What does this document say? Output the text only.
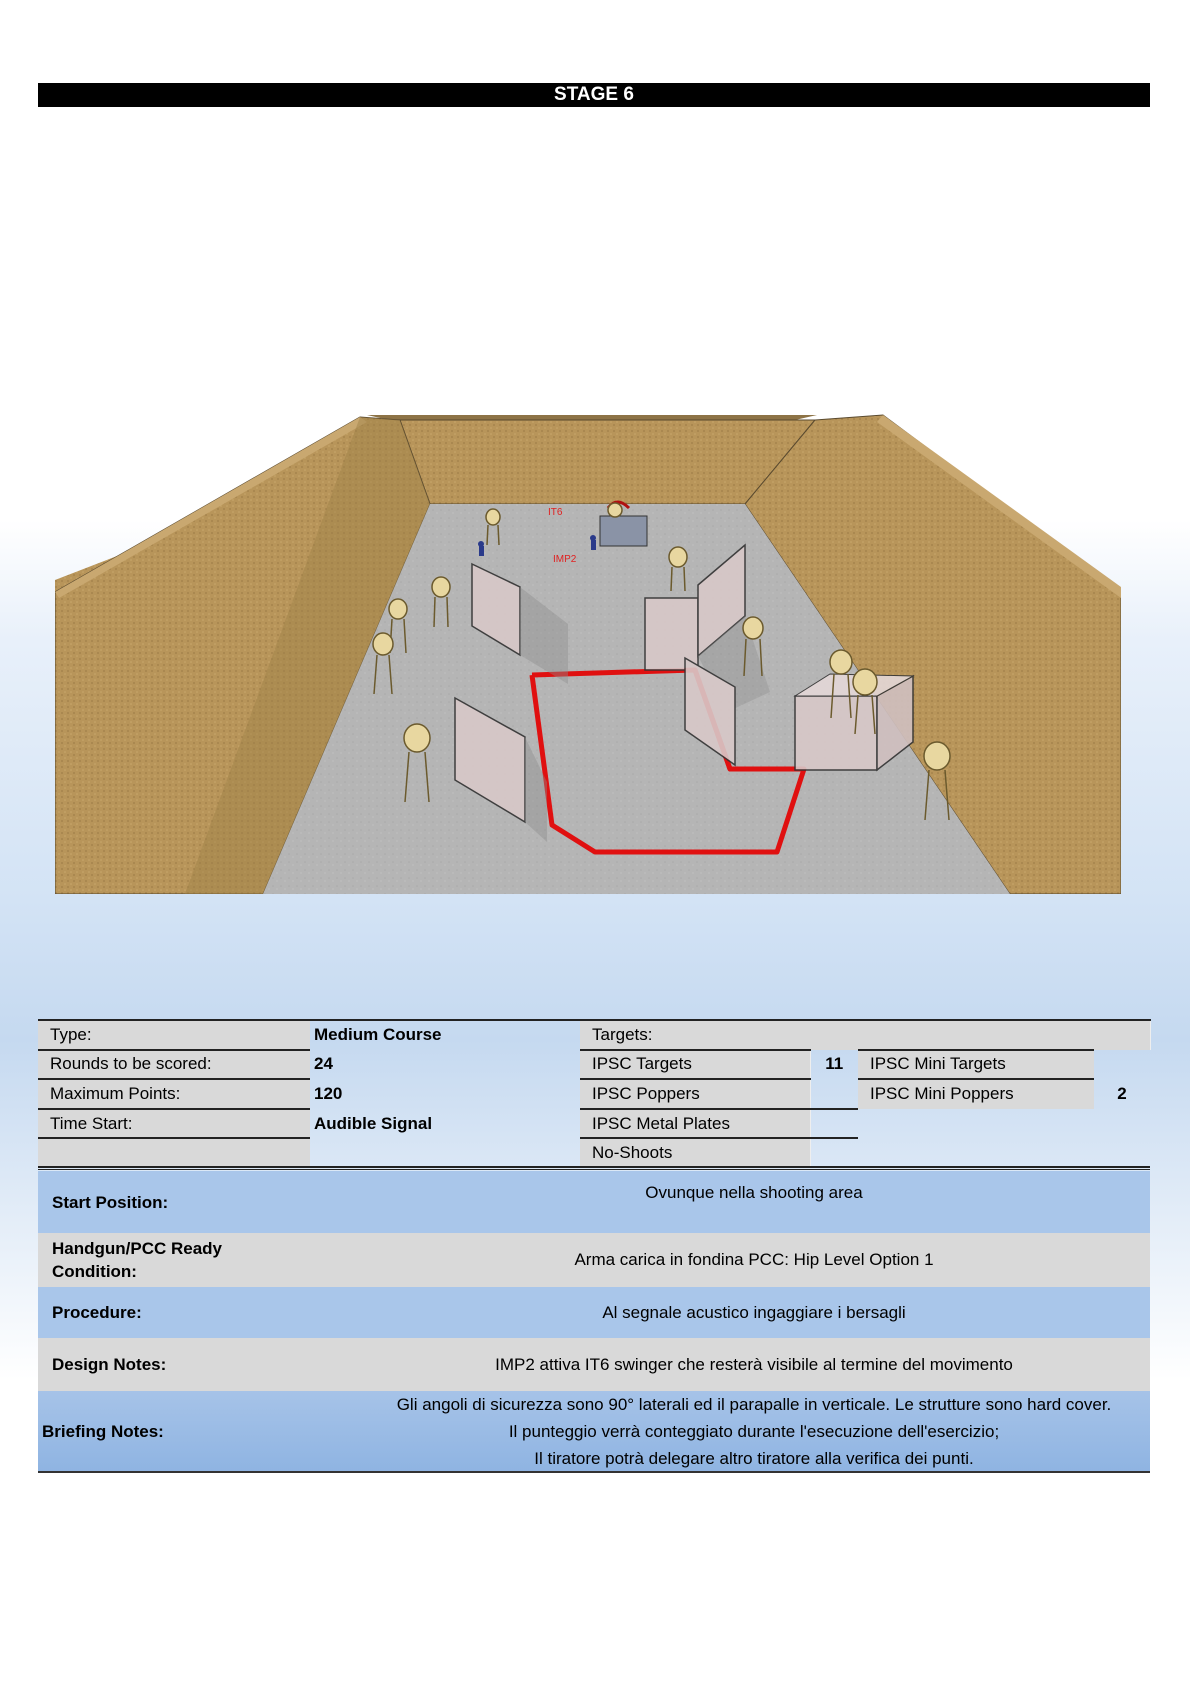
STAGE 6
IT6
IMP2
Type:	Medium Course	Targets:			
Rounds to be scored:	24	IPSC Targets	11	IPSC Mini Targets	
Maximum Points:	120	IPSC Poppers		IPSC Mini Poppers	2
Time Start:	Audible Signal	IPSC Metal Plates			
		No-Shoots			
Start Position:	Ovunque nella shooting area
Handgun/PCC Ready
Condition:
Arma carica in fondina PCC: Hip Level Option 1
Procedure:	Al segnale acustico ingaggiare i bersagli
Design Notes:	IMP2 attiva IT6 swinger che resterà visibile al termine del movimento
Briefing Notes:
Gli angoli di sicurezza sono 90° laterali ed il parapalle in verticale. Le strutture sono hard cover.
Il punteggio verrà conteggiato durante l'esecuzione dell'esercizio;
Il tiratore potrà delegare altro tiratore alla verifica dei punti.
